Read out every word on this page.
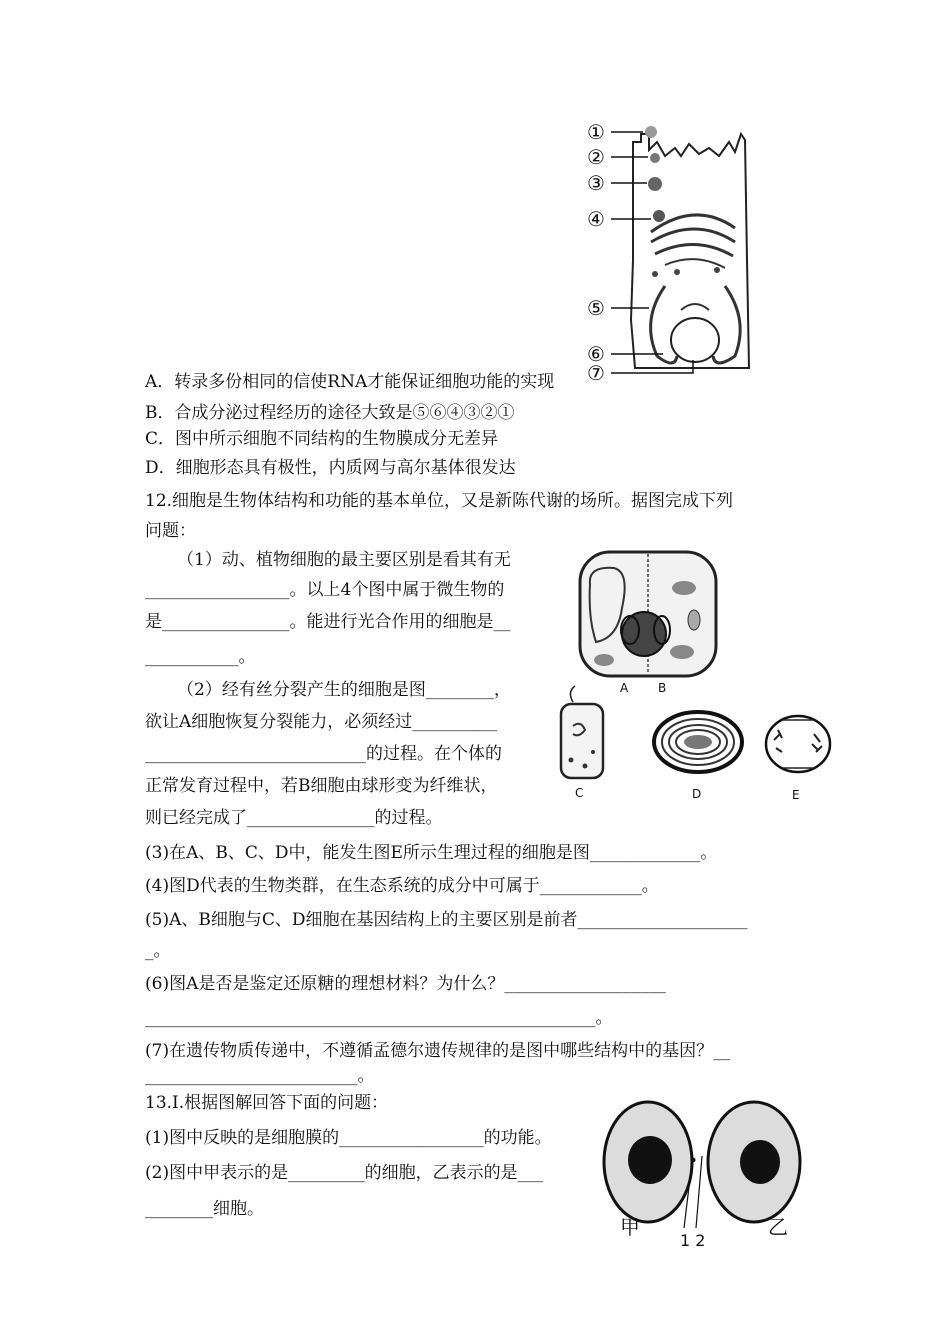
①
②
③
④
⑤
⑥
⑦
A．转录多份相同的信使RNA才能保证细胞功能的实现
B．合成分泌过程经历的途径大致是⑤⑥④③②①
C．图中所示细胞不同结构的生物膜成分无差异
D．细胞形态具有极性，内质网与高尔基体很发达
12.细胞是生物体结构和功能的基本单位，又是新陈代谢的场所。据图完成下列
问题：
（1）动、植物细胞的最主要区别是看其有无
_________________。以上4个图中属于微生物的
是_______________。能进行光合作用的细胞是__
___________。
（2）经有丝分裂产生的细胞是图________，
欲让A细胞恢复分裂能力，必须经过__________
__________________________的过程。在个体的
正常发育过程中，若B细胞由球形变为纤维状，
则已经完成了_______________的过程。
(3)在A、B、C、D中，能发生图E所示生理过程的细胞是图_____________。
(4)图D代表的生物类群，在生态系统的成分中可属于____________。
(5)A、B细胞与C、D细胞在基因结构上的主要区别是前者____________________
_。
(6)图A是否是鉴定还原糖的理想材料？为什么？___________________
_____________________________________________________。
(7)在遗传物质传递中，不遵循孟德尔遗传规律的是图中哪些结构中的基因？__
_________________________。
A B
C	D	E
13.Ⅰ.根据图解回答下面的问题：
(1)图中反映的是细胞膜的_________________的功能。
(2)图中甲表示的是_________的细胞，乙表示的是___
________细胞。
甲
1 2
乙
